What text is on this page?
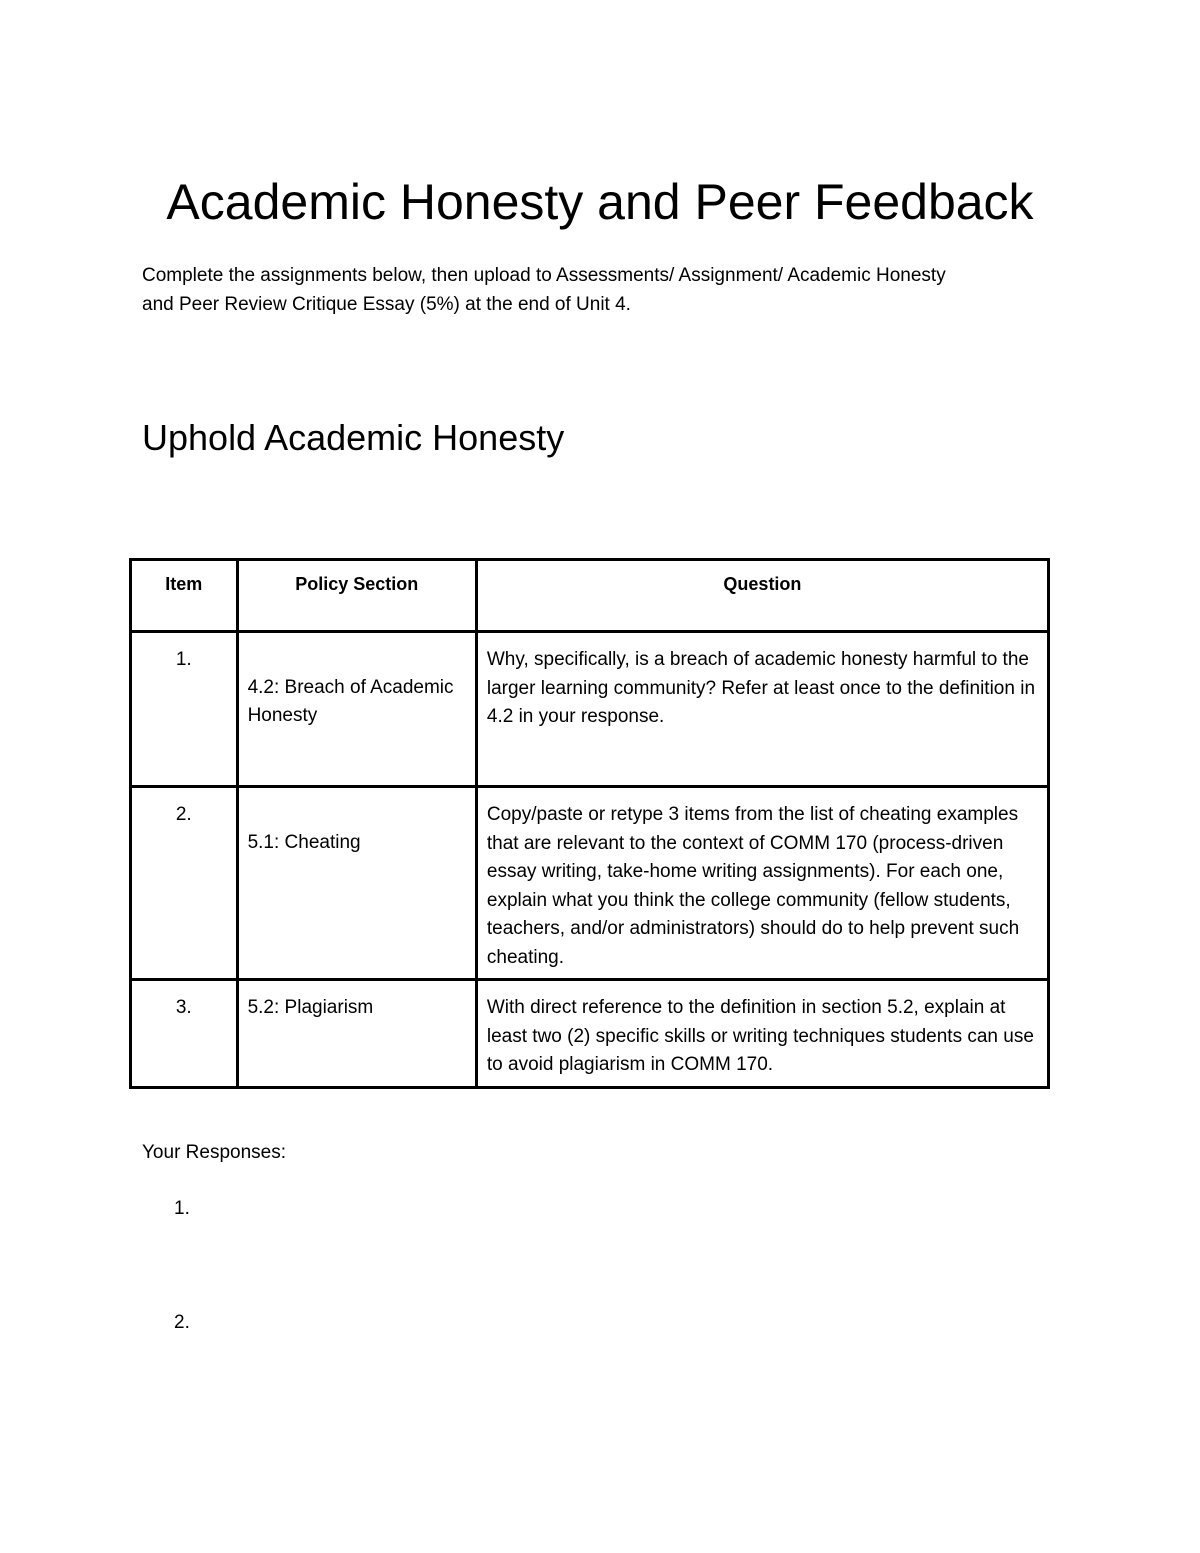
Academic Honesty and Peer Feedback

Complete the assignments below, then upload to Assessments/ Assignment/ Academic Honesty
and Peer Review Critique Essay (5%) at the end of Unit 4.

Uphold Academic Honesty
Item	Policy Section	Question
1.	4.2: Breach of Academic Honesty	Why, specifically, is a breach of academic honesty harmful to the larger learning community? Refer at least once to the definition in 4.2 in your response.
2.	5.1: Cheating	Copy/paste or retype 3 items from the list of cheating examples that are relevant to the context of COMM 170 (process-driven essay writing, take-home writing assignments). For each one, explain what you think the college community (fellow students, teachers, and/or administrators) should do to help prevent such cheating.
3.	5.2: Plagiarism	With direct reference to the definition in section 5.2, explain at least two (2) specific skills or writing techniques students can use to avoid plagiarism in COMM 170.

Your Responses:

1.

2.
